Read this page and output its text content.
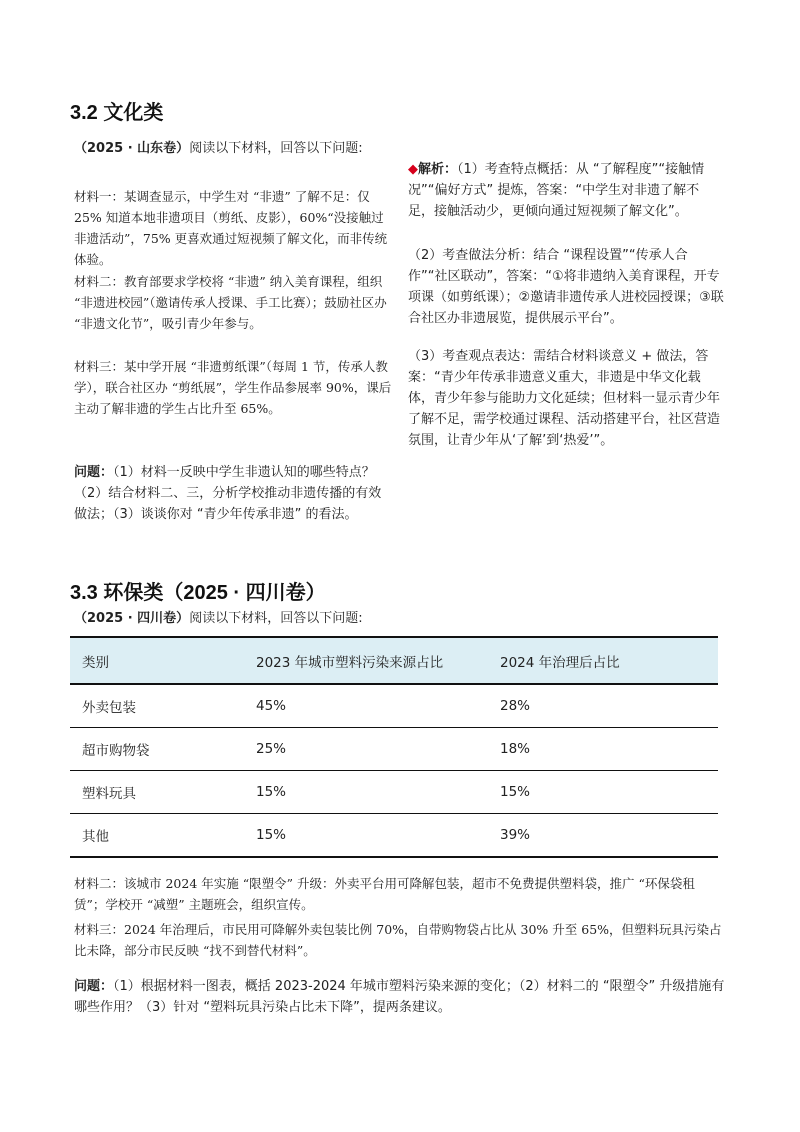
3.2 文化类
（2025 · 山东卷）阅读以下材料，回答以下问题:
材料一：某调查显示，中学生对 “非遗” 了解不足：仅 25% 知道本地非遗项目（剪纸、皮影），60%“没接触过非遗活动”，75% 更喜欢通过短视频了解文化，而非传统体验。
材料二：教育部要求学校将 “非遗” 纳入美育课程，组织 “非遗进校园”（邀请传承人授课、手工比赛）；鼓励社区办 “非遗文化节”，吸引青少年参与。
材料三：某中学开展 “非遗剪纸课”（每周 1 节，传承人教学），联合社区办 “剪纸展”，学生作品参展率 90%，课后主动了解非遗的学生占比升至 65%。
问题：（1）材料一反映中学生非遗认知的哪些特点？（2）结合材料二、三，分析学校推动非遗传播的有效做法；（3）谈谈你对 “青少年传承非遗” 的看法。
◆解析：（1）考查特点概括：从 “了解程度”“接触情况”“偏好方式” 提炼，答案：“中学生对非遗了解不足，接触活动少，更倾向通过短视频了解文化”。
（2）考查做法分析：结合 “课程设置”“传承人合作”“社区联动”，答案：“①将非遗纳入美育课程，开专项课（如剪纸课）；②邀请非遗传承人进校园授课；③联合社区办非遗展览，提供展示平台”。
（3）考查观点表达：需结合材料谈意义 + 做法，答案：“青少年传承非遗意义重大，非遗是中华文化载体，青少年参与能助力文化延续；但材料一显示青少年了解不足，需学校通过课程、活动搭建平台，社区营造氛围，让青少年从‘了解’到‘热爱’”。
3.3 环保类（2025 · 四川卷）
（2025 · 四川卷）阅读以下材料，回答以下问题:
类别	2023 年城市塑料污染来源占比	2024 年治理后占比
外卖包装	45%	28%
超市购物袋	25%	18%
塑料玩具	15%	15%
其他	15%	39%
材料二：该城市 2024 年实施 “限塑令” 升级：外卖平台用可降解包装，超市不免费提供塑料袋，推广 “环保袋租赁”；学校开 “减塑” 主题班会，组织宣传。
材料三：2024 年治理后，市民用可降解外卖包装比例 70%，自带购物袋占比从 30% 升至 65%，但塑料玩具污染占比未降，部分市民反映 “找不到替代材料”。
问题：（1）根据材料一图表，概括 2023-2024 年城市塑料污染来源的变化；（2）材料二的 “限塑令” 升级措施有哪些作用？（3）针对 “塑料玩具污染占比未下降”，提两条建议。
